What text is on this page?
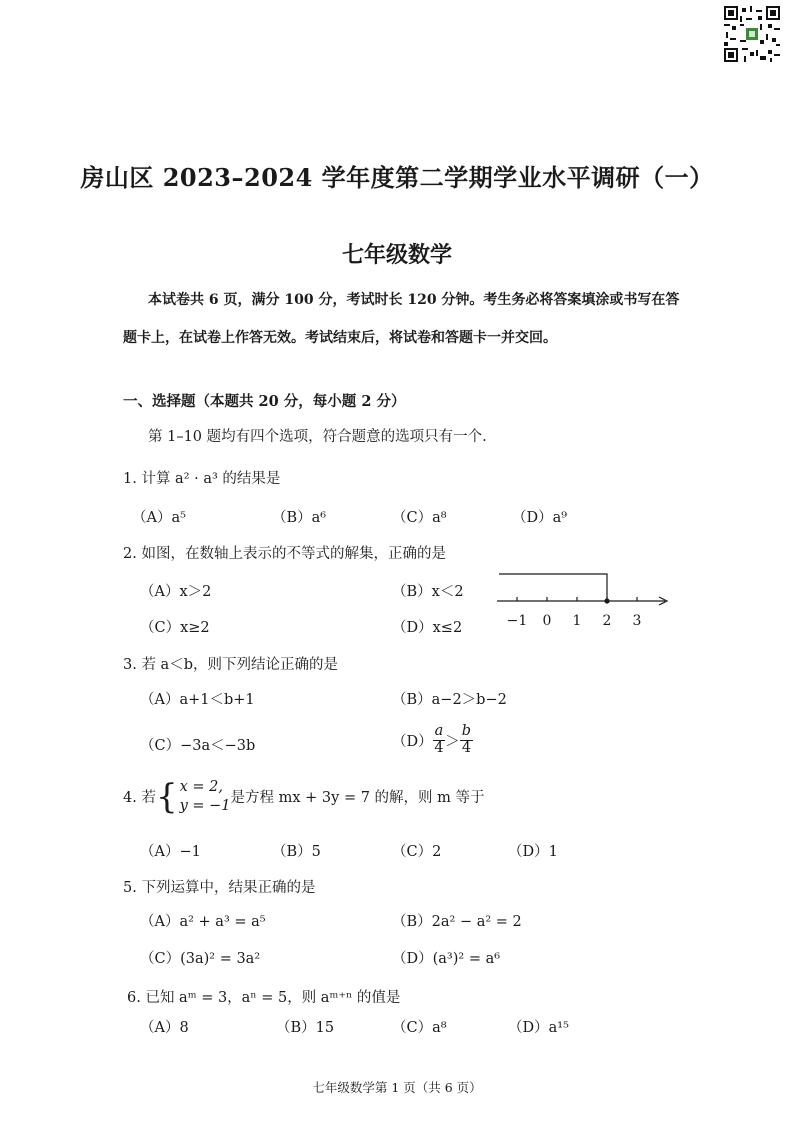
房山区 2023–2024 学年度第二学期学业水平调研（一）
七年级数学
本试卷共 6 页，满分 100 分，考试时长 120 分钟。考生务必将答案填涂或书写在答
题卡上，在试卷上作答无效。考试结束后，将试卷和答题卡一并交回。
一、选择题（本题共 20 分，每小题 2 分）
第 1–10 题均有四个选项，符合题意的选项只有一个.
1. 计算 a² · a³ 的结果是
（A）a⁵	（B）a⁶	（C）a⁸	（D）a⁹
2. 如图，在数轴上表示的不等式的解集，正确的是
（A）x＞2	（B）x＜2
（C）x≥2	（D）x≤2	−1 0 1 2 3
3. 若 a＜b，则下列结论正确的是
（A）a+1＜b+1	（B）a−2＞b−2
（C）−3a＜−3b	$(D) \frac{a}{4} > \frac{b}{4}$
4. 若 { x = 2,
y = −1 是方程 mx + 3y = 7 的解，则 m 等于
（A）−1	（B）5	（C）2	（D）1
5. 下列运算中，结果正确的是
（A）a² + a³ = a⁵	（B）2a² − a² = 2
（C）(3a)² = 3a²	（D）(a³)² = a⁶
6. 已知 aᵐ = 3，aⁿ = 5，则 aᵐ⁺ⁿ 的值是
（A）8	（B）15	（C）a⁸	（D）a¹⁵
七年级数学第 1 页（共 6 页）
